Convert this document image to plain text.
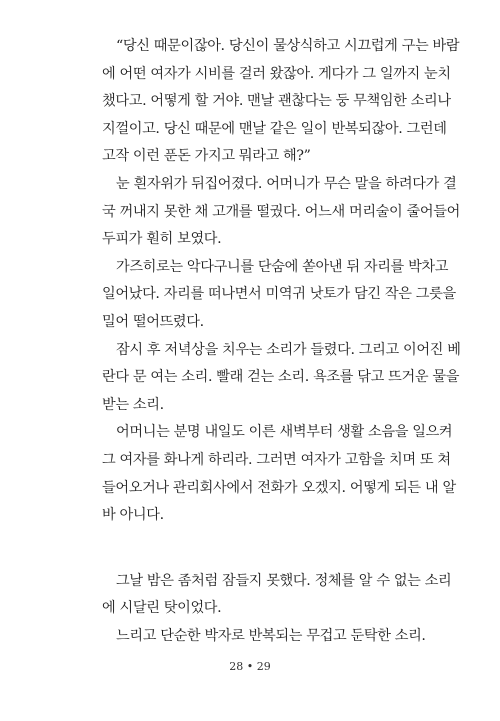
“당신 때문이잖아. 당신이 물상식하고 시끄럽게 구는 바람
에 어떤 여자가 시비를 걸러 왔잖아. 게다가 그 일까지 눈치
챘다고. 어떻게 할 거야. 맨날 괜찮다는 둥 무책임한 소리나
지껄이고. 당신 때문에 맨날 같은 일이 반복되잖아. 그런데
고작 이런 푼돈 가지고 뭐라고 해?”
눈 흰자위가 뒤집어졌다. 어머니가 무슨 말을 하려다가 결
국 꺼내지 못한 채 고개를 떨궜다. 어느새 머리술이 줄어들어
두피가 훤히 보였다.
가즈히로는 악다구니를 단숨에 쏟아낸 뒤 자리를 박차고
일어났다. 자리를 떠나면서 미역귀 낫토가 담긴 작은 그릇을
밀어 떨어뜨렸다.
잠시 후 저녁상을 치우는 소리가 들렸다. 그리고 이어진 베
란다 문 여는 소리. 빨래 걷는 소리. 욕조를 닦고 뜨거운 물을
받는 소리.
어머니는 분명 내일도 이른 새벽부터 생활 소음을 일으켜
그 여자를 화나게 하리라. 그러면 여자가 고함을 치며 또 쳐
들어오거나 관리회사에서 전화가 오겠지. 어떻게 되든 내 알
바 아니다.
그날 밤은 좀처럼 잠들지 못했다. 정체를 알 수 없는 소리
에 시달린 탓이었다.
느리고 단순한 박자로 반복되는 무겁고 둔탁한 소리.
28 • 29
